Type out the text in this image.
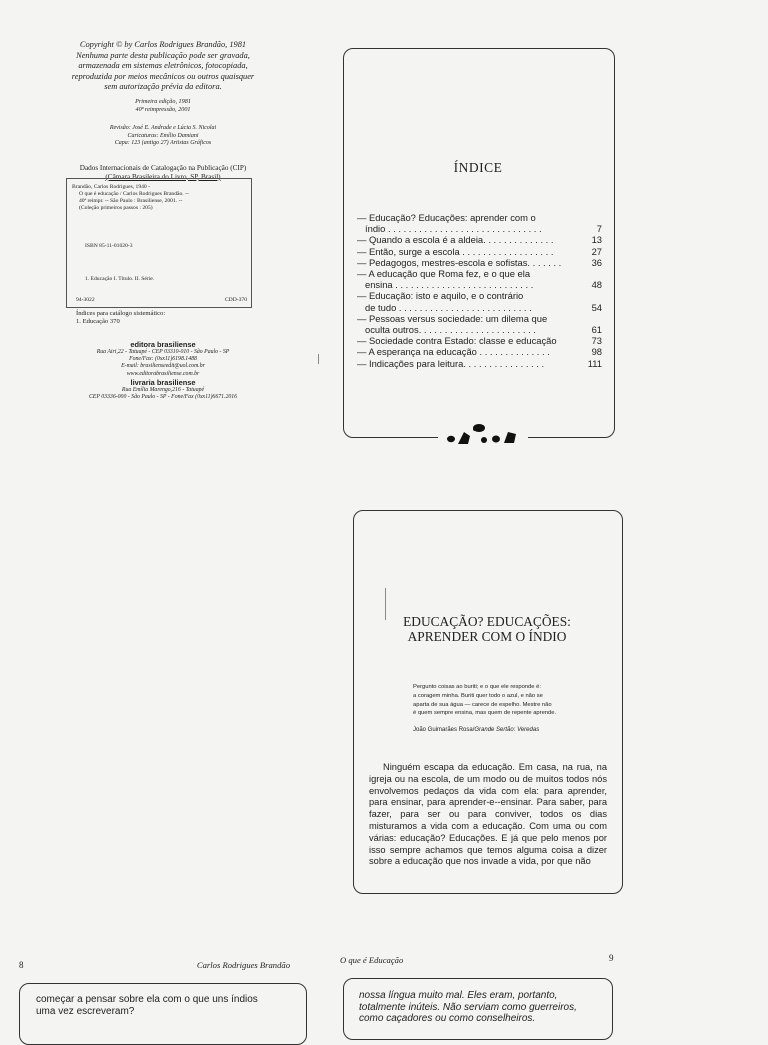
Copyright © by Carlos Rodrigues Brandão, 1981
Nenhuma parte desta publicação pode ser gravada,
armazenada em sistemas eletrônicos, fotocopiada,
reproduzida por meios mecânicos ou outros quaisquer
sem autorização prévia da editora.
Primeira edição, 1981
40ª reimpressão, 2001
Revisão: José E. Andrade e Lúcia S. Nicolai
Caricaturas: Emílio Damiani
Capa: 123 (antigo 27) Artistas Gráficos
Dados Internacionais de Catalogação na Publicação (CIP)
(Câmara Brasileira do Livro, SP, Brasil)
Brandão, Carlos Rodrigues, 1940 -
O que é educação / Carlos Rodrigues Brandão. --
40ª reimpr. -- São Paulo : Brasiliense, 2001. --
(Coleção primeiros passos : 205)
ISBN 85-11-01020-3
1. Educação I. Título. II. Série.
94-3022	CDD-370
Índices para catálogo sistemático:
1. Educação 370
editora brasiliense
Rua Airi,22 - Tatuapé - CEP 03310-010 - São Paulo - SP
Fone/Fax: (0xx11)6198.1488
E-mail: brasilienseedit@uol.com.br
www.editorabrasiliense.com.br
livraria brasiliense
Rua Emília Marengo,216 - Tatuapé
CEP 03336-000 - São Paulo - SP - Fone/Fax (0xx11)6671.2016
ÍNDICE
— Educação? Educações: aprender com o
índio . . . . . . . . . . . . . . . . . . . . . . . . . . . . . .	7
— Quando a escola é a aldeia. . . . . . . . . . . . . .	13
— Então, surge a escola . . . . . . . . . . . . . . . . . .	27
— Pedagogos, mestres-escola e sofistas. . . . . . .	36
— A educação que Roma fez, e o que ela
ensina . . . . . . . . . . . . . . . . . . . . . . . . . . .	48
— Educação: isto e aquilo, e o contrário
de tudo . . . . . . . . . . . . . . . . . . . . . . . . . .	54
— Pessoas versus sociedade: um dilema que
oculta outros. . . . . . . . . . . . . . . . . . . . . . .	61
— Sociedade contra Estado: classe e educação	73
— A esperança na educação . . . . . . . . . . . . . .	98
— Indicações para leitura. . . . . . . . . . . . . . . .	111
EDUCAÇÃO? EDUCAÇÕES:
APRENDER COM O ÍNDIO
Pergunto coisas ao buriti; e o que ele responde é:
a coragem minha. Buriti quer todo o azul, e não se
aparta de sua água — carece de espelho. Mestre não
é quem sempre ensina, mas quem de repente aprende.
João Guimarães Rosa/Grande Sertão: Veredas
Ninguém escapa da educação. Em casa, na rua, na igreja ou na escola, de um modo ou de muitos todos nós envolvemos pedaços da vida com ela: para aprender, para ensinar, para aprender-e--ensinar. Para saber, para fazer, para ser ou para conviver, todos os dias misturamos a vida com a educação. Com uma ou com várias: educação? Educações. E já que pelo menos por isso sempre achamos que temos alguma coisa a dizer sobre a educação que nos invade a vida, por que não
8	Carlos Rodrigues Brandão
começar a pensar sobre ela com o que uns índios
uma vez escreveram?
O que é Educação	9
nossa língua muito mal. Eles eram, portanto,
totalmente inúteis. Não serviam como guerreiros,
como caçadores ou como conselheiros.
